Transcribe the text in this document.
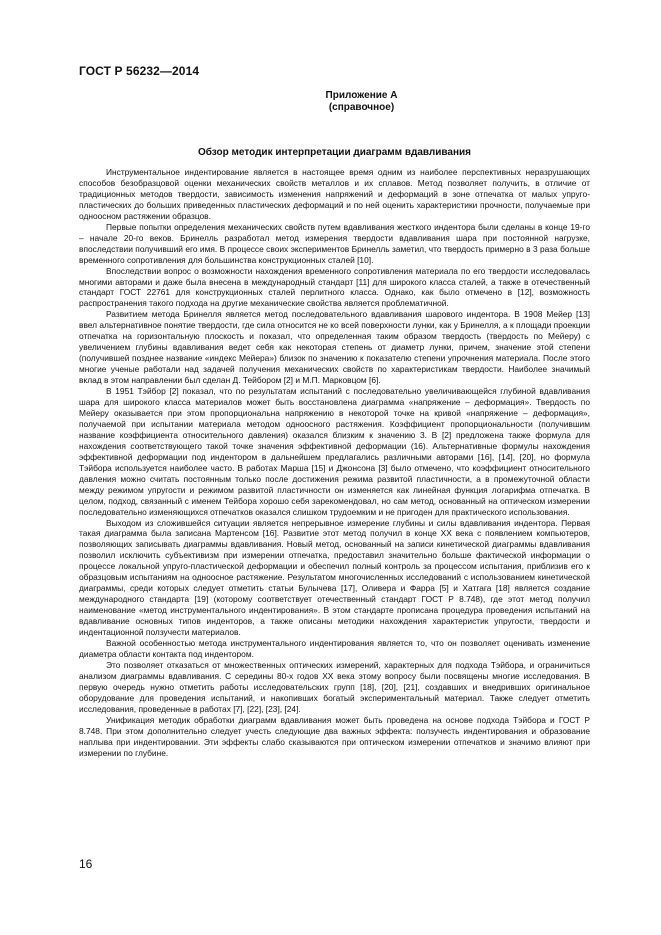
ГОСТ Р 56232—2014
Приложение А
(справочное)
Обзор методик интерпретации диаграмм вдавливания

Инструментальное индентирование является в настоящее время одним из наиболее перспективных неразрушающих способов безобразцовой оценки механических свойств металлов и их сплавов. Метод позволяет получить, в отличие от традиционных методов твердости, зависимость изменения напряжений и деформаций в зоне отпечатка от малых упруго-пластических до больших приведенных пластических деформаций и по ней оценить характеристики прочности, получаемые при одноосном растяжении образцов.

Первые попытки определения механических свойств путем вдавливания жесткого индентора были сделаны в конце 19-го – начале 20-го веков. Бринелль разработал метод измерения твердости вдавливания шара при постоянной нагрузке, впоследствии получивший его имя. В процессе своих экспериментов Бринелль заметил, что твердость примерно в 3 раза больше временного сопротивления для большинства конструкционных сталей [10].

Впоследствии вопрос о возможности нахождения временного сопротивления материала по его твердости исследовалась многими авторами и даже была внесена в международный стандарт [11] для широкого класса сталей, а также в отечественный стандарт ГОСТ 22761 для конструкционных сталей перлитного класса. Однако, как было отмечено в [12], возможность распространения такого подхода на другие механические свойства является проблематичной.

Развитием метода Бринелля является метод последовательного вдавливания шарового индентора. В 1908 Мейер [13] ввел альтернативное понятие твердости, где сила относится не ко всей поверхности лунки, как у Бринелля, а к площади проекции отпечатка на горизонтальную плоскость и показал, что определенная таким образом твердость (твердость по Мейеру) с увеличением глубины вдавливания ведет себя как некоторая степень от диаметр лунки, причем, значение этой степени (получившей позднее название «индекс Мейера») близок по значению к показателю степени упрочнения материала. После этого многие ученые работали над задачей получения механических свойств по характеристикам твердости. Наиболее значимый вклад в этом направлении был сделан Д. Тейбором [2] и М.П. Марковцом [6].

В 1951 Тэйбор [2] показал, что по результатам испытаний с последовательно увеличивающейся глубиной вдавливания шара для широкого класса материалов может быть восстановлена диаграмма «напряжение – деформация». Твердость по Мейеру оказывается при этом пропорциональна напряжению в некоторой точке на кривой «напряжение – деформация», получаемой при испытании материала методом одноосного растяжения. Коэффициент пропорциональности (получившим название коэффициента относительного давления) оказался близким к значению 3. В [2] предложена также формула для нахождения соответствующего такой точке значения эффективной деформации (16). Альтернативные формулы нахождения эффективной деформации под индентором в дальнейшем предлагались различными авторами [16], [14], [20], но формула Тэйбора используется наиболее часто. В работах Марша [15] и Джонсона [3] было отмечено, что коэффициент относительного давления можно считать постоянным только после достижения режима развитой пластичности, а в промежуточной области между режимом упругости и режимом развитой пластичности он изменяется как линейная функция логарифма отпечатка. В целом, подход, связанный с именем Тейбора хорошо себя зарекомендовал, но сам метод, основанный на оптическом измерении последовательно изменяющихся отпечатков оказался слишком трудоемким и не пригоден для практического использования.

Выходом из сложившейся ситуации является непрерывное измерение глубины и силы вдавливания индентора. Первая такая диаграмма была записана Мартенсом [16]. Развитие этот метод получил в конце XX века с появлением компьютеров, позволяющих записывать диаграммы вдавливания. Новый метод, основанный на записи кинетической диаграммы вдавливания позволил исключить субъективизм при измерении отпечатка, предоставил значительно больше фактической информации о процессе локальной упруго-пластической деформации и обеспечил полный контроль за процессом испытания, приблизив его к образцовым испытаниям на одноосное растяжение. Результатом многочисленных исследований с использованием кинетической диаграммы, среди которых следует отметить статьи Булычева [17], Оливера и Фарра [5] и Хатгага [18] является создание международного стандарта [19] (которому соответствует отечественный стандарт ГОСТ Р 8.748), где этот метод получил наименование «метод инструментального индентирования». В этом стандарте прописана процедура проведения испытаний на вдавливание основных типов инденторов, а также описаны методики нахождения характеристик упругости, твердости и индентационной ползучести материалов.

Важной особенностью метода инструментального индентирования является то, что он позволяет оценивать изменение диаметра области контакта под индентором.

Это позволяет отказаться от множественных оптических измерений, характерных для подхода Тэйбора, и ограничиться анализом диаграммы вдавливания. С середины 80-х годов XX века этому вопросу были посвящены многие исследования. В первую очередь нужно отметить работы исследовательских групп [18], [20], [21], создавших и внедривших оригинальное оборудование для проведения испытаний, и накопивших богатый экспериментальный материал. Также следует отметить исследования, проведенные в работах [7], [22], [23], [24].

Унификация методик обработки диаграмм вдавливания может быть проведена на основе подхода Тэйбора и ГОСТ Р 8.748. При этом дополнительно следует учесть следующие два важных эффекта: ползучесть индентирования и образование наплыва при индентировании. Эти эффекты слабо сказываются при оптическом измерении отпечатков и значимо влияют при измерении по глубине.

16
